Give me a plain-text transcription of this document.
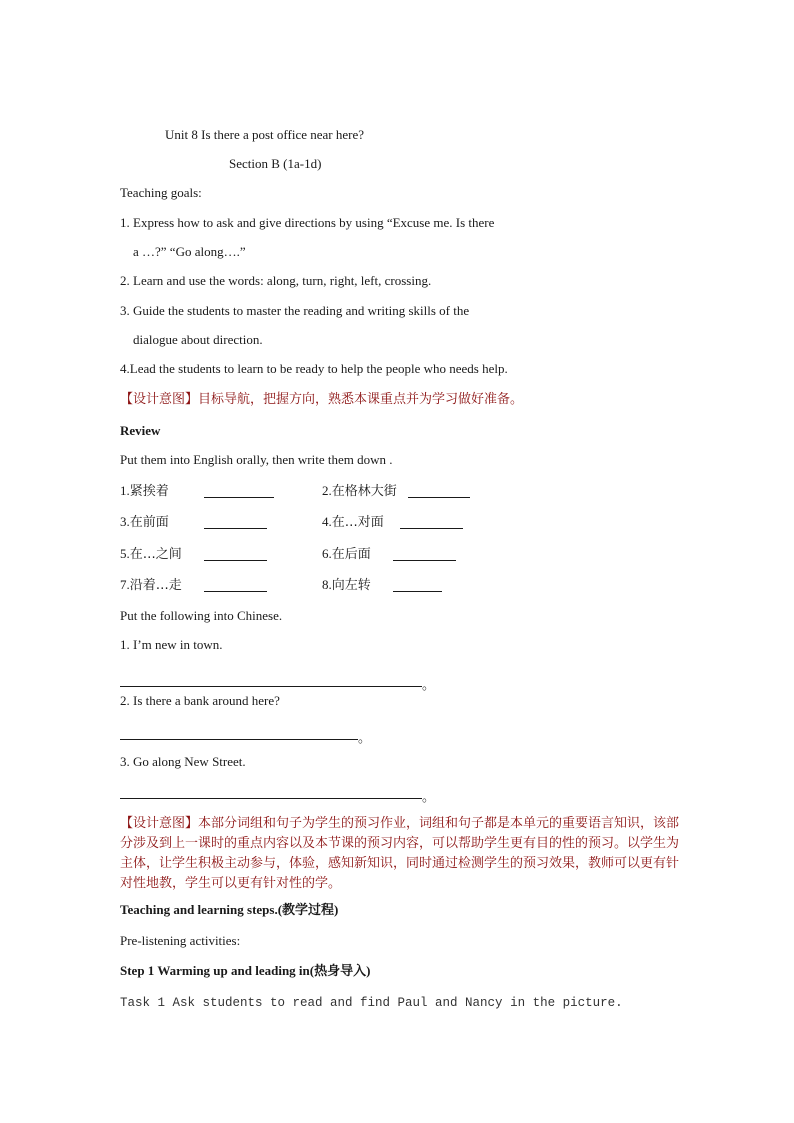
Unit 8 Is there a post office near here?
Section B (1a-1d)
Teaching goals:
1. Express how to ask and give directions by using “Excuse me. Is there
a …?” “Go along….”
2. Learn and use the words: along, turn, right, left, crossing.
3. Guide the students to master the reading and writing skills of the
dialogue about direction.
4.Lead the students to learn to be ready to help the people who needs help.
【设计意图】目标导航，把握方向，熟悉本课重点并为学习做好准备。
Review
Put them into English orally, then write them down .
1.紧挨着	2.在格林大街
3.在前面	4.在…对面
5.在…之间	6.在后面
7.沿着…走	8.向左转
Put the following into Chinese.
1. I’m new in town.
。
2. Is there a bank around here?
。
3. Go along New Street.
。
【设计意图】本部分词组和句子为学生的预习作业，词组和句子都是本单元的重要语言知识，该部分涉及到上一课时的重点内容以及本节课的预习内容，可以帮助学生更有目的性的预习。以学生为主体，让学生积极主动参与，体验，感知新知识，同时通过检测学生的预习效果，教师可以更有针对性地教，学生可以更有针对性的学。
Teaching and learning steps.(教学过程)
Pre-listening activities:
Step 1 Warming up and leading in(热身导入)
Task 1 Ask students to read and find Paul and Nancy in the picture.
